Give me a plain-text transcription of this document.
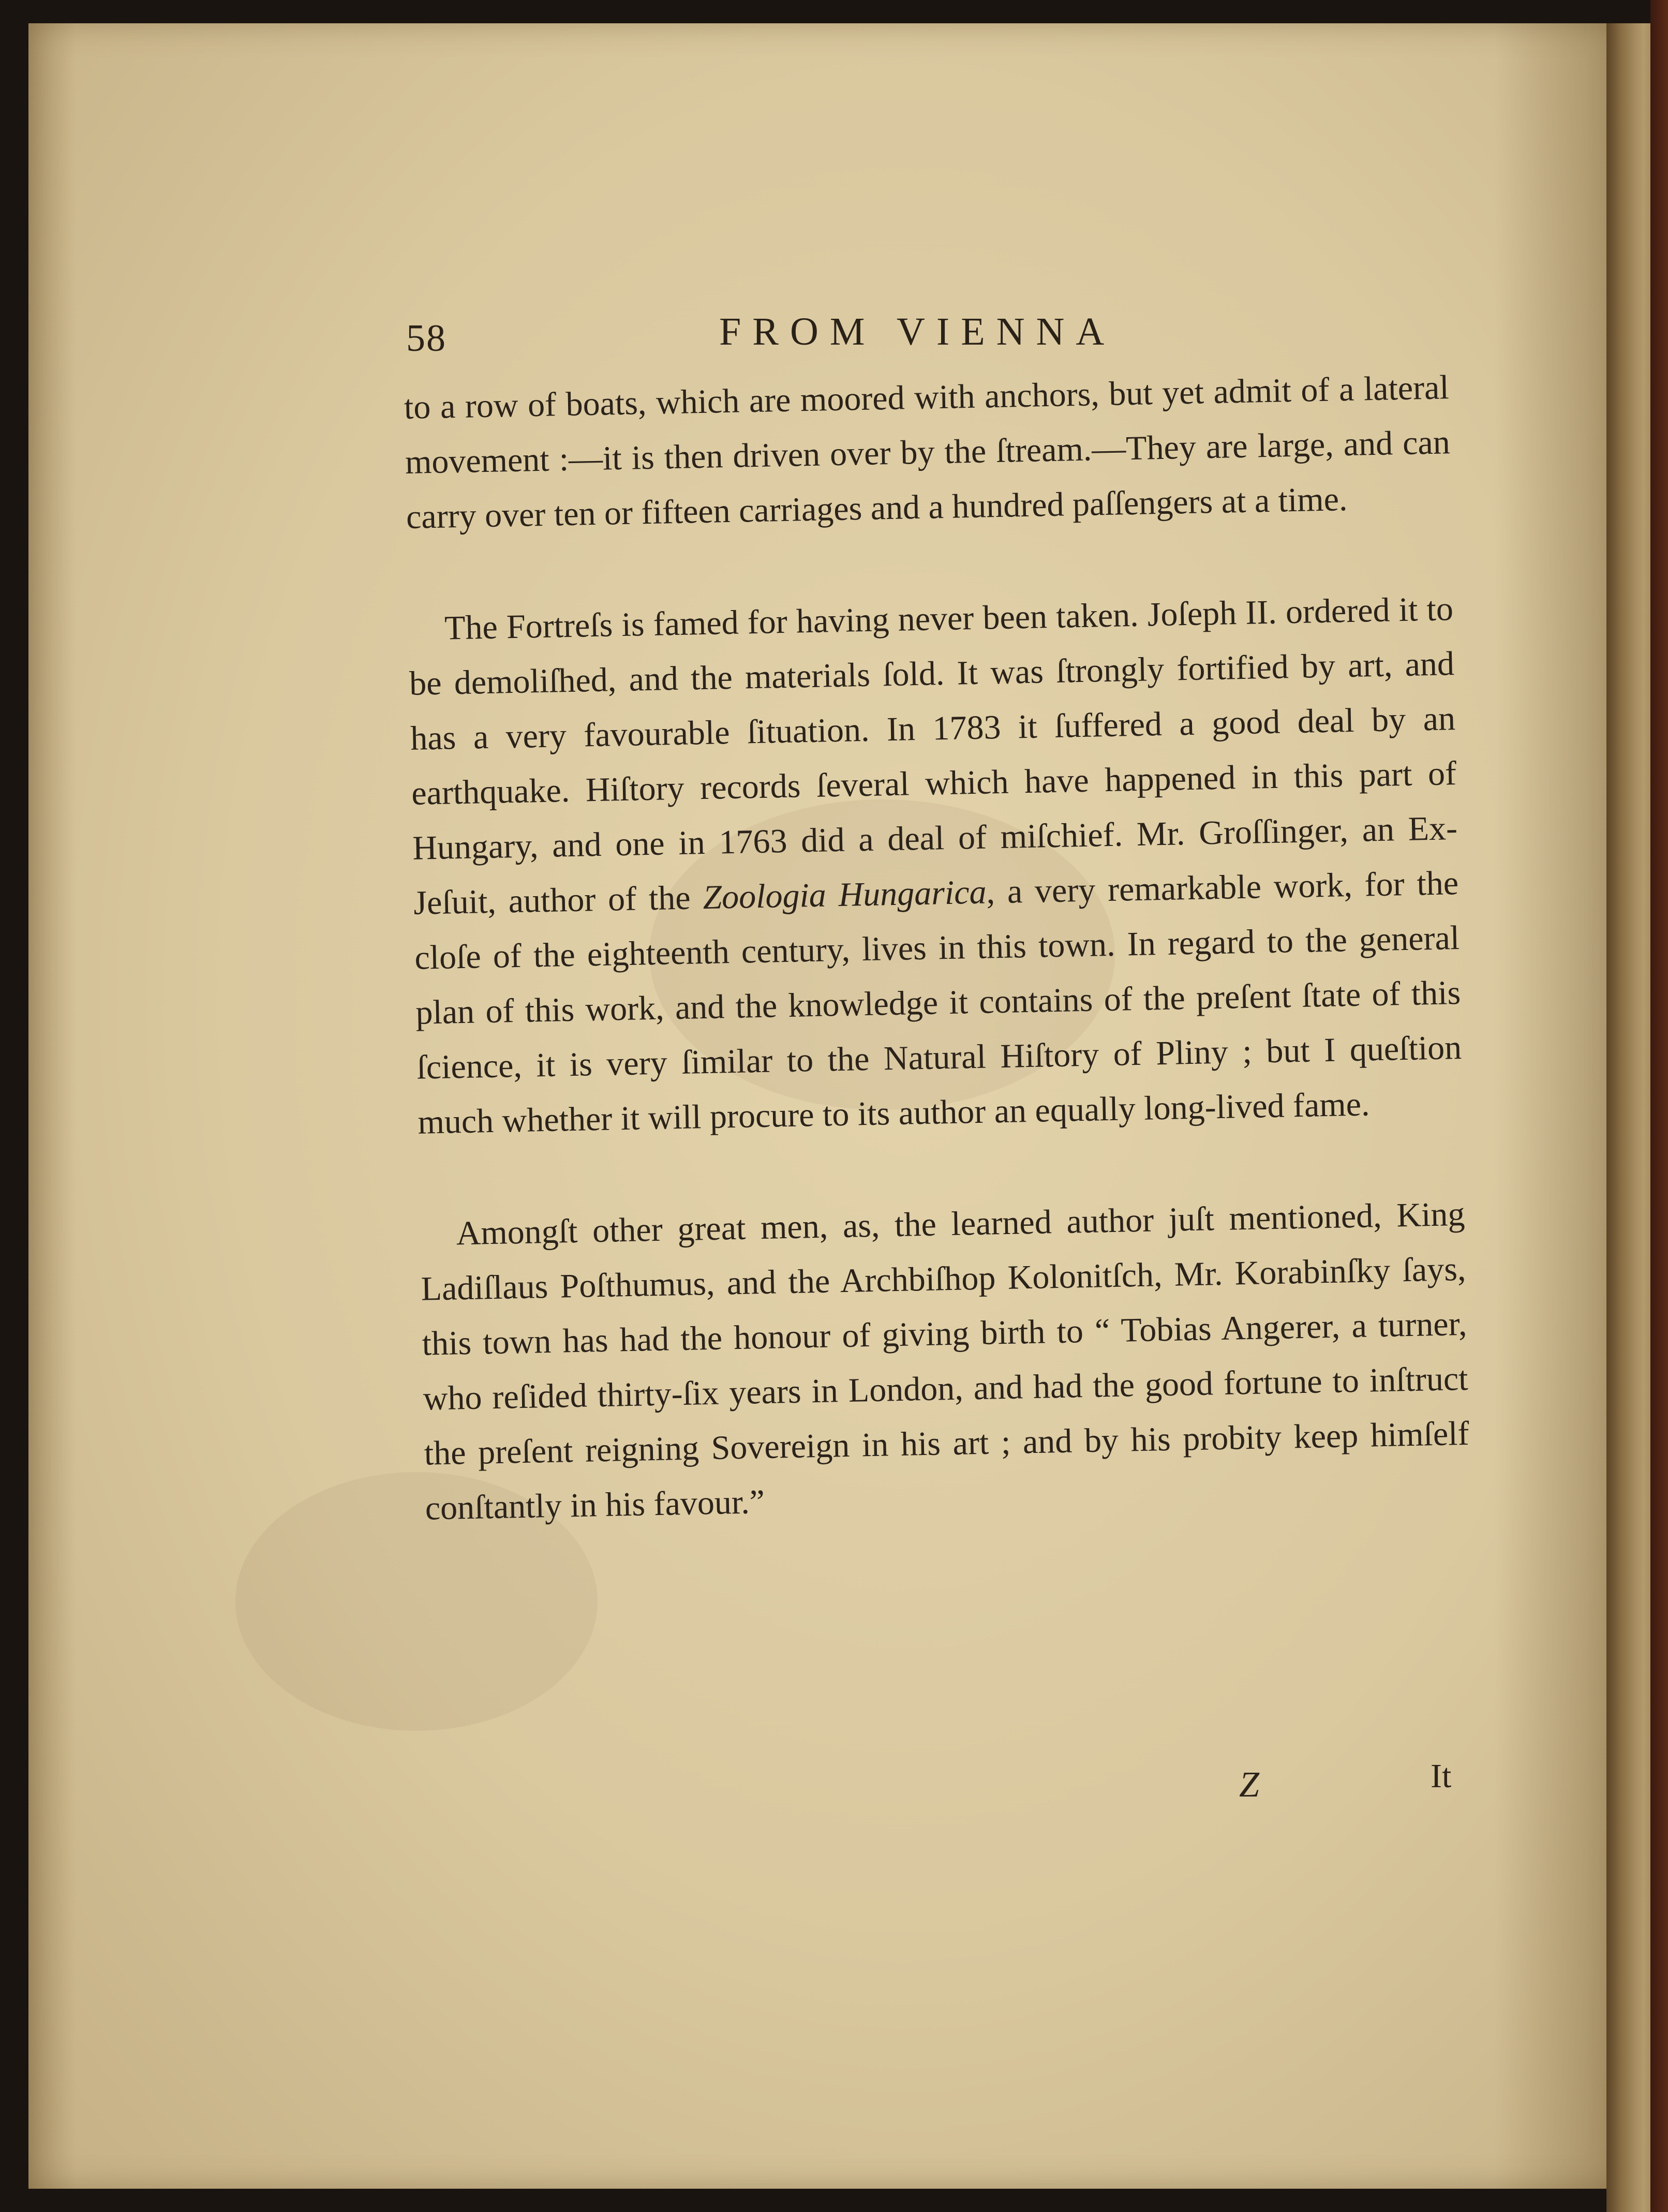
58	FROM VIENNA

to a row of boats, which are moored with anchors, but yet admit of a lateral movement :—it is then driven over by the ſtream.—They are large, and can carry over ten or fifteen carriages and a hundred paſſengers at a time.

The Fortreſs is famed for having never been taken. Joſeph II. ordered it to be demoliſhed, and the materials ſold. It was ſtrongly fortified by art, and has a very favourable ſituation. In 1783 it ſuffered a good deal by an earthquake. Hiſtory records ſeveral which have happened in this part of Hungary, and one in 1763 did a deal of miſchief. Mr. Groſſinger, an Ex-Jeſuit, author of the Zoologia Hungarica, a very remarkable work, for the cloſe of the eighteenth century, lives in this town. In regard to the general plan of this work, and the knowledge it contains of the preſent ſtate of this ſcience, it is very ſimilar to the Natural Hiſtory of Pliny ; but I queſtion much whether it will procure to its author an equally long-lived fame.

Amongſt other great men, as, the learned author juſt mentioned, King Ladiſlaus Poſthumus, and the Archbiſhop Kolonitſch, Mr. Korabinſky ſays, this town has had the honour of giving birth to “ Tobias Angerer, a turner, who reſided thirty-ſix years in London, and had the good fortune to inſtruct the preſent reigning Sovereign in his art ; and by his probity keep himſelf conſtantly in his favour.”

Z	It
